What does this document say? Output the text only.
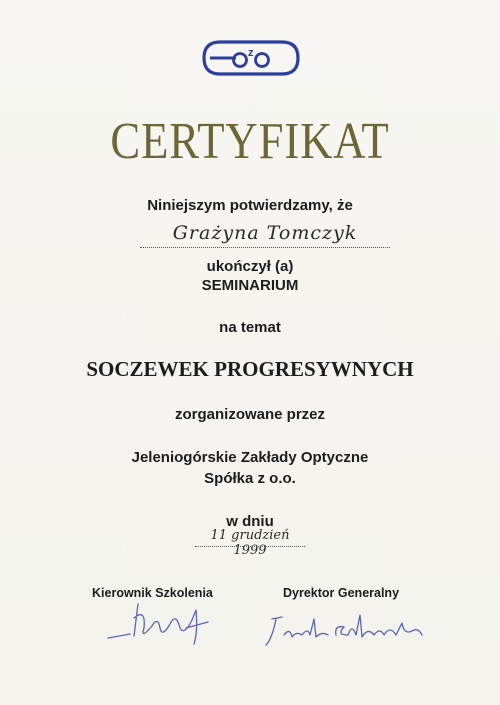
z
CERTYFIKAT
Niniejszym potwierdzamy, że
Grażyna Tomczyk
ukończył (a)
SEMINARIUM
na temat
SOCZEWEK PROGRESYWNYCH
zorganizowane przez
Jeleniogórskie Zakłady Optyczne
Spółka z o.o.
w dniu
11 grudzień 1999
Kierownik Szkolenia	Dyrektor Generalny
